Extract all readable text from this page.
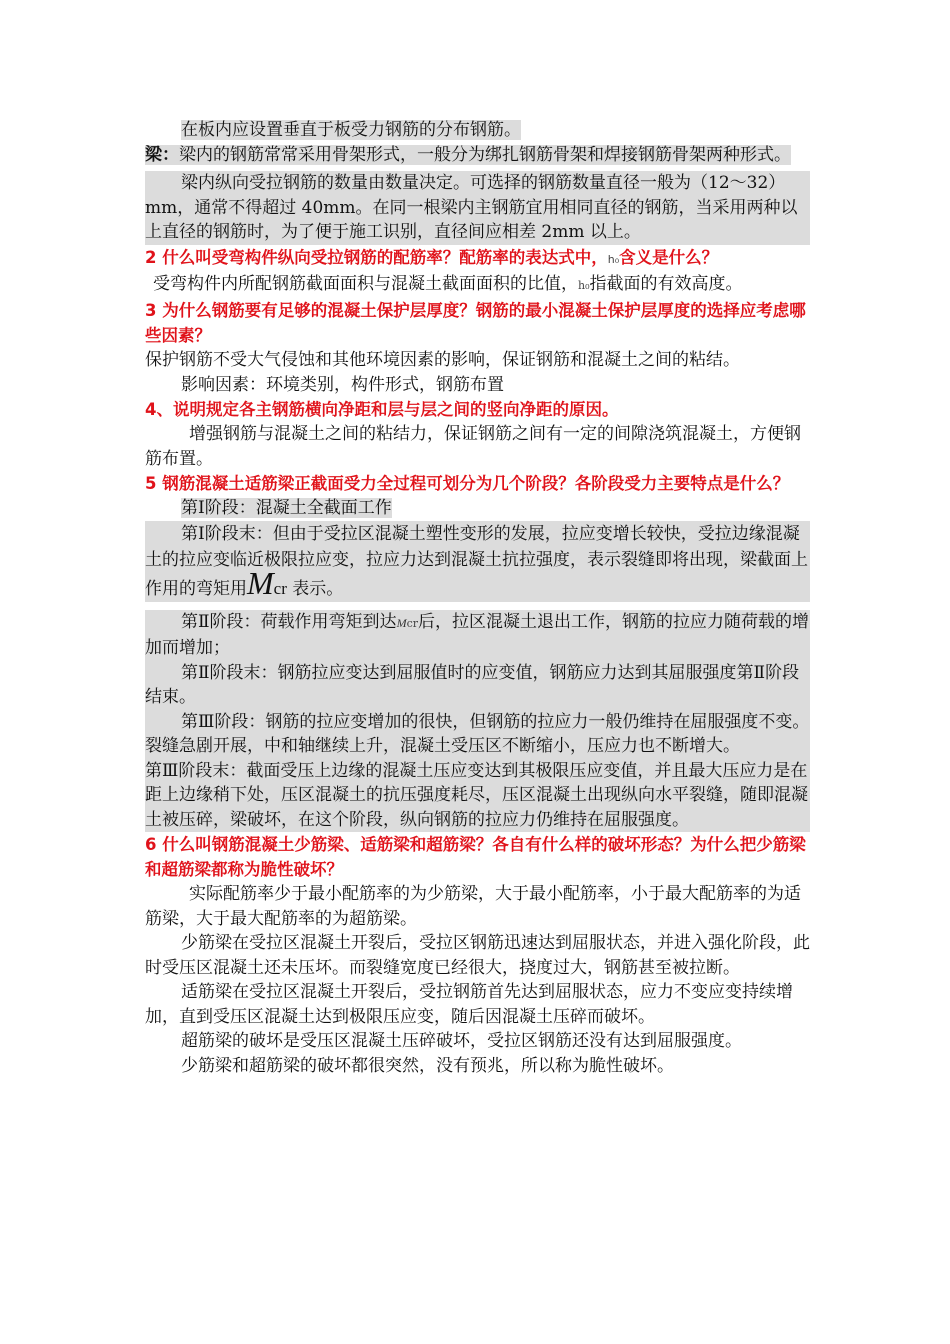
在板内应设置垂直于板受力钢筋的分布钢筋。

梁：梁内的钢筋常常采用骨架形式，一般分为绑扎钢筋骨架和焊接钢筋骨架两种形式。

梁内纵向受拉钢筋的数量由数量决定。可选择的钢筋数量直径一般为（12～32）mm，通常不得超过 40mm。在同一根梁内主钢筋宜用相同直径的钢筋，当采用两种以上直径的钢筋时，为了便于施工识别，直径间应相差 2mm 以上。

2 什么叫受弯构件纵向受拉钢筋的配筋率？配筋率的表达式中，h₀含义是什么？

受弯构件内所配钢筋截面面积与混凝土截面面积的比值，h₀指截面的有效高度。

3 为什么钢筋要有足够的混凝土保护层厚度？钢筋的最小混凝土保护层厚度的选择应考虑哪些因素？

保护钢筋不受大气侵蚀和其他环境因素的影响，保证钢筋和混凝土之间的粘结。

影响因素：环境类别，构件形式，钢筋布置

4、说明规定各主钢筋横向净距和层与层之间的竖向净距的原因。

增强钢筋与混凝土之间的粘结力，保证钢筋之间有一定的间隙浇筑混凝土，方便钢筋布置。

5 钢筋混凝土适筋梁正截面受力全过程可划分为几个阶段？各阶段受力主要特点是什么？

第Ⅰ阶段：混凝土全截面工作

第Ⅰ阶段末：但由于受拉区混凝土塑性变形的发展，拉应变增长较快，受拉边缘混凝土的拉应变临近极限拉应变，拉应力达到混凝土抗拉强度，表示裂缝即将出现，梁截面上作用的弯矩用Mcr 表示。

第Ⅱ阶段：荷载作用弯矩到达Mcr后，拉区混凝土退出工作，钢筋的拉应力随荷载的增加而增加；

第Ⅱ阶段末：钢筋拉应变达到屈服值时的应变值，钢筋应力达到其屈服强度第Ⅱ阶段结束。

第Ⅲ阶段：钢筋的拉应变增加的很快，但钢筋的拉应力一般仍维持在屈服强度不变。裂缝急剧开展，中和轴继续上升，混凝土受压区不断缩小，压应力也不断增大。

第Ⅲ阶段末：截面受压上边缘的混凝土压应变达到其极限压应变值，并且最大压应力是在距上边缘稍下处，压区混凝土的抗压强度耗尽，压区混凝土出现纵向水平裂缝，随即混凝土被压碎，梁破坏，在这个阶段，纵向钢筋的拉应力仍维持在屈服强度。

6 什么叫钢筋混凝土少筋梁、适筋梁和超筋梁？各自有什么样的破坏形态？为什么把少筋梁和超筋梁都称为脆性破坏？

实际配筋率少于最小配筋率的为少筋梁，大于最小配筋率，小于最大配筋率的为适筋梁，大于最大配筋率的为超筋梁。

少筋梁在受拉区混凝土开裂后，受拉区钢筋迅速达到屈服状态，并进入强化阶段，此时受压区混凝土还未压坏。而裂缝宽度已经很大，挠度过大，钢筋甚至被拉断。

适筋梁在受拉区混凝土开裂后，受拉钢筋首先达到屈服状态，应力不变应变持续增加，直到受压区混凝土达到极限压应变，随后因混凝土压碎而破坏。

超筋梁的破坏是受压区混凝土压碎破坏，受拉区钢筋还没有达到屈服强度。

少筋梁和超筋梁的破坏都很突然，没有预兆，所以称为脆性破坏。
